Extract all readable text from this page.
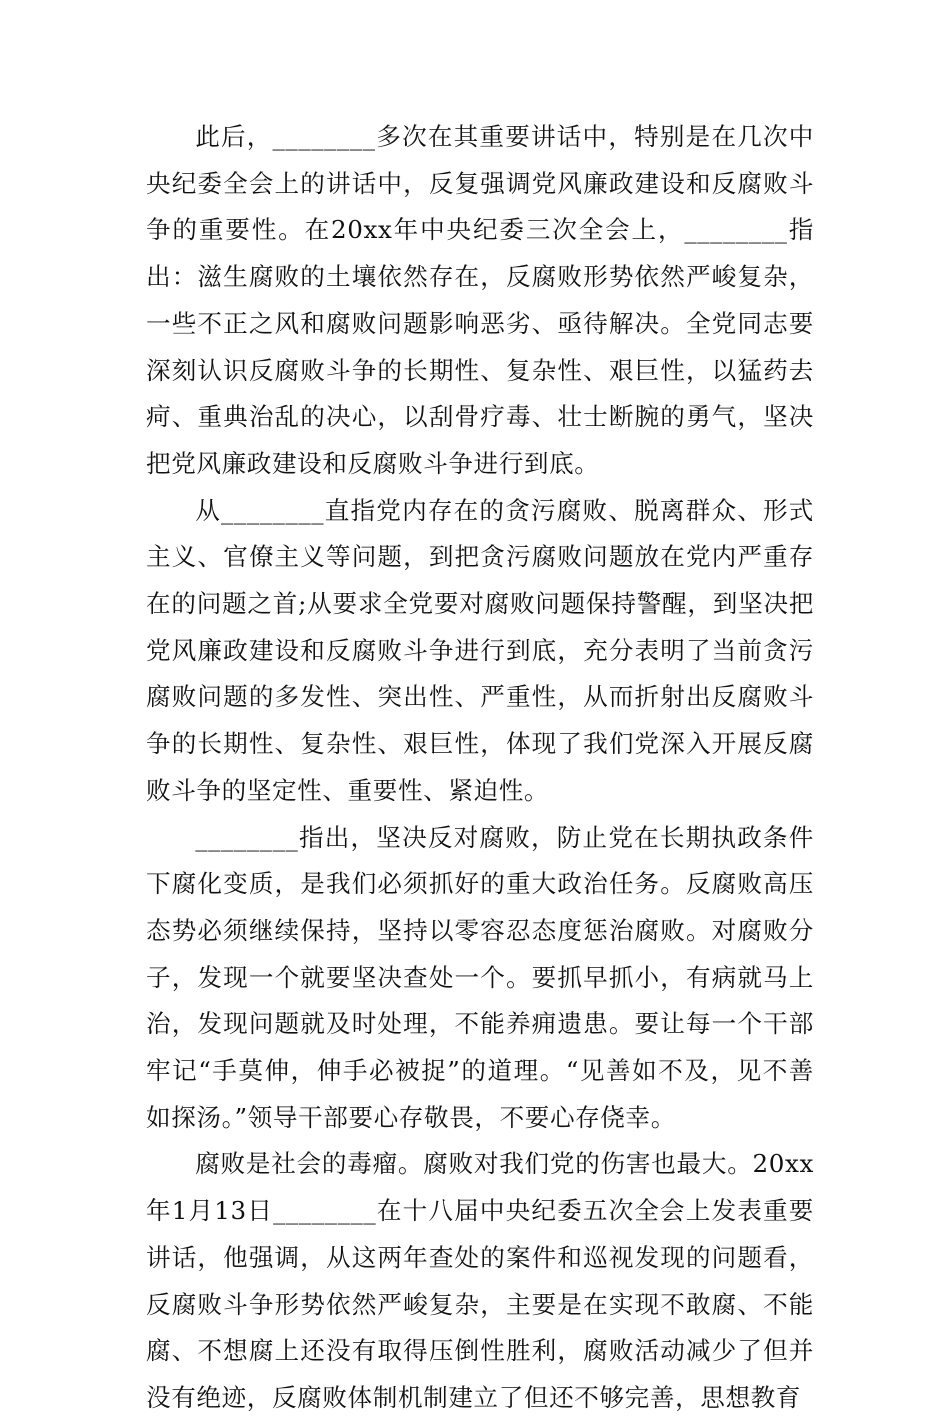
此后，________多次在其重要讲话中，特别是在几次中央纪委全会上的讲话中，反复强调党风廉政建设和反腐败斗争的重要性。在20xx年中央纪委三次全会上，________指出：滋生腐败的土壤依然存在，反腐败形势依然严峻复杂，一些不正之风和腐败问题影响恶劣、亟待解决。全党同志要深刻认识反腐败斗争的长期性、复杂性、艰巨性，以猛药去疴、重典治乱的决心，以刮骨疗毒、壮士断腕的勇气，坚决把党风廉政建设和反腐败斗争进行到底。

从________直指党内存在的贪污腐败、脱离群众、形式主义、官僚主义等问题，到把贪污腐败问题放在党内严重存在的问题之首;从要求全党要对腐败问题保持警醒，到坚决把党风廉政建设和反腐败斗争进行到底，充分表明了当前贪污腐败问题的多发性、突出性、严重性，从而折射出反腐败斗争的长期性、复杂性、艰巨性，体现了我们党深入开展反腐败斗争的坚定性、重要性、紧迫性。

________指出，坚决反对腐败，防止党在长期执政条件下腐化变质，是我们必须抓好的重大政治任务。反腐败高压态势必须继续保持，坚持以零容忍态度惩治腐败。对腐败分子，发现一个就要坚决查处一个。要抓早抓小，有病就马上治，发现问题就及时处理，不能养痈遗患。要让每一个干部牢记“手莫伸，伸手必被捉”的道理。“见善如不及，见不善如探汤。”领导干部要心存敬畏，不要心存侥幸。

腐败是社会的毒瘤。腐败对我们党的伤害也最大。20xx年1月13日________在十八届中央纪委五次全会上发表重要讲话，他强调，从这两年查处的案件和巡视发现的问题看，反腐败斗争形势依然严峻复杂，主要是在实现不敢腐、不能腐、不想腐上还没有取得压倒性胜利，腐败活动减少了但并没有绝迹，反腐败体制机制建立了但还不够完善，思想教育
